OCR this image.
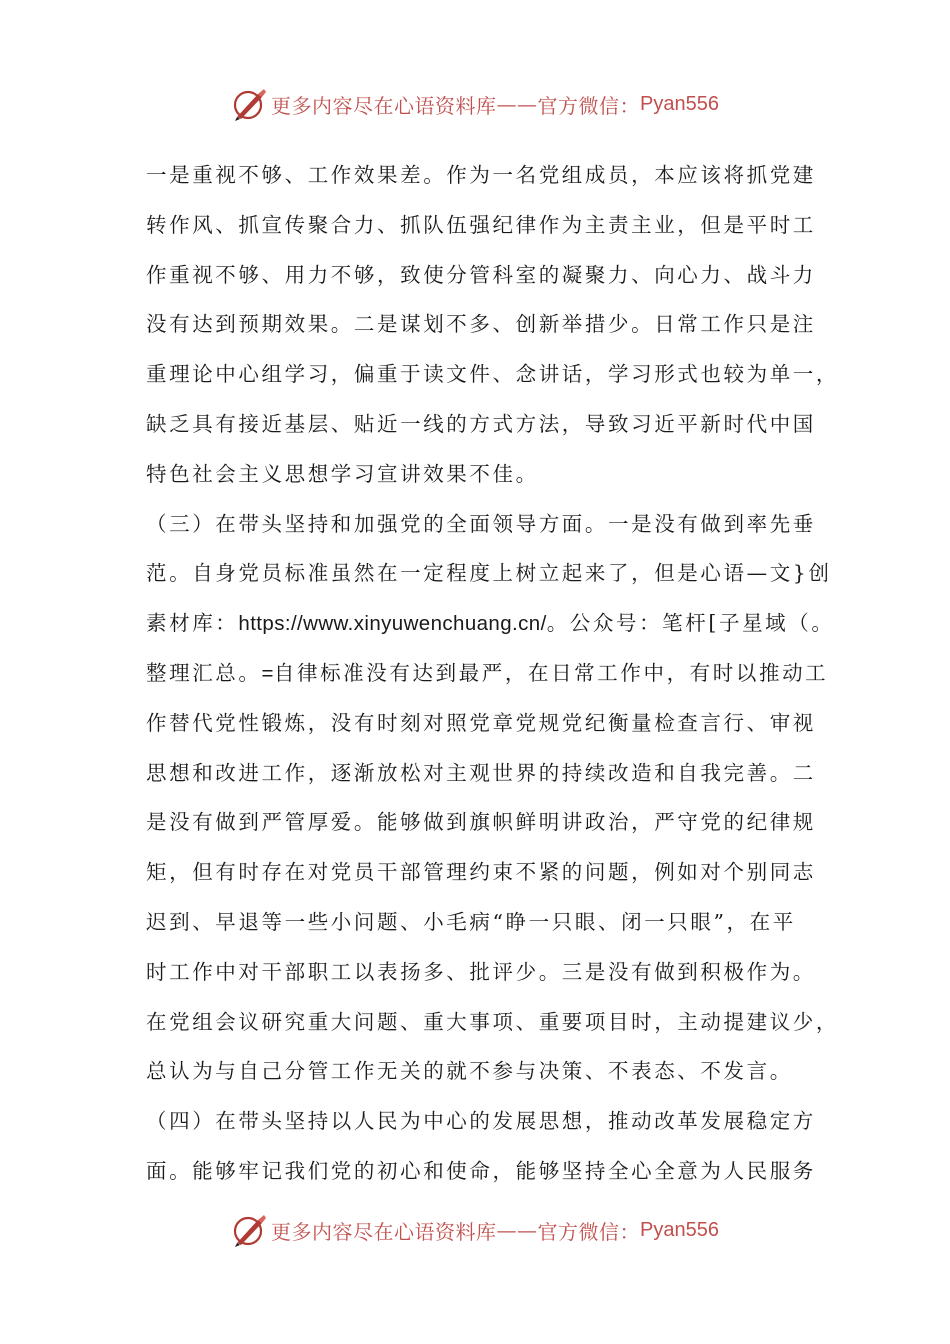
更多内容尽在心语资料库 —— 官方微信： Pyan556
一是重视不够、工作效果差。作为一名党组成员，本应该将抓党建
转作风、抓宣传聚合力、抓队伍强纪律作为主责主业，但是平时工
作重视不够、用力不够，致使分管科室的凝聚力、向心力、战斗力
没有达到预期效果。二是谋划不多、创新举措少。日常工作只是注
重理论中心组学习，偏重于读文件、念讲话，学习形式也较为单一，
缺乏具有接近基层、贴近一线的方式方法，导致习近平新时代中国
特色社会主义思想学习宣讲效果不佳。
（三）在带头坚持和加强党的全面领导方面。一是没有做到率先垂
范。自身党员标准虽然在一定程度上树立起来了，但是心语—文}创
素材库：https://www.xinyuwenchuang.cn/。公众号：笔杆[子星域（。
整理汇总。=自律标准没有达到最严，在日常工作中，有时以推动工
作替代党性锻炼，没有时刻对照党章党规党纪衡量检查言行、审视
思想和改进工作，逐渐放松对主观世界的持续改造和自我完善。二
是没有做到严管厚爱。能够做到旗帜鲜明讲政治，严守党的纪律规
矩，但有时存在对党员干部管理约束不紧的问题，例如对个别同志
迟到、早退等一些小问题、小毛病“睁一只眼、闭一只眼”，在平
时工作中对干部职工以表扬多、批评少。三是没有做到积极作为。
在党组会议研究重大问题、重大事项、重要项目时，主动提建议少，
总认为与自己分管工作无关的就不参与决策、不表态、不发言。
（四）在带头坚持以人民为中心的发展思想，推动改革发展稳定方
面。能够牢记我们党的初心和使命，能够坚持全心全意为人民服务
更多内容尽在心语资料库 —— 官方微信： Pyan556
